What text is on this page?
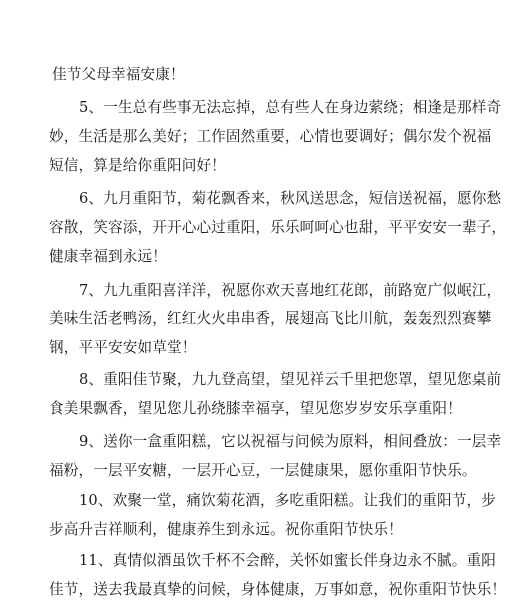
佳节父母幸福安康！
5、一生总有些事无法忘掉，总有些人在身边萦绕；相逢是那样奇
妙，生活是那么美好；工作固然重要，心情也要调好；偶尔发个祝福
短信，算是给你重阳问好！
6、九月重阳节，菊花飘香来，秋风送思念，短信送祝福，愿你愁
容散，笑容添，开开心心过重阳，乐乐呵呵心也甜，平平安安一辈子，
健康幸福到永远！
7、九九重阳喜洋洋，祝愿你欢天喜地红花郎，前路宽广似岷江，
美味生活老鸭汤，红红火火串串香，展翅高飞比川航，轰轰烈烈赛攀
钢，平平安安如草堂！
8、重阳佳节聚，九九登高望，望见祥云千里把您罩，望见您桌前
食美果飘香，望见您儿孙绕膝幸福享，望见您岁岁安乐享重阳！
9、送你一盒重阳糕，它以祝福与问候为原料，相间叠放：一层幸
福粉，一层平安糖，一层开心豆，一层健康果，愿你重阳节快乐。
10、欢聚一堂，痛饮菊花酒，多吃重阳糕。让我们的重阳节，步
步高升吉祥顺利，健康养生到永远。祝你重阳节快乐！
11、真情似酒虽饮千杯不会醉，关怀如蜜长伴身边永不腻。重阳
佳节，送去我最真挚的问候，身体健康，万事如意，祝你重阳节快乐！
